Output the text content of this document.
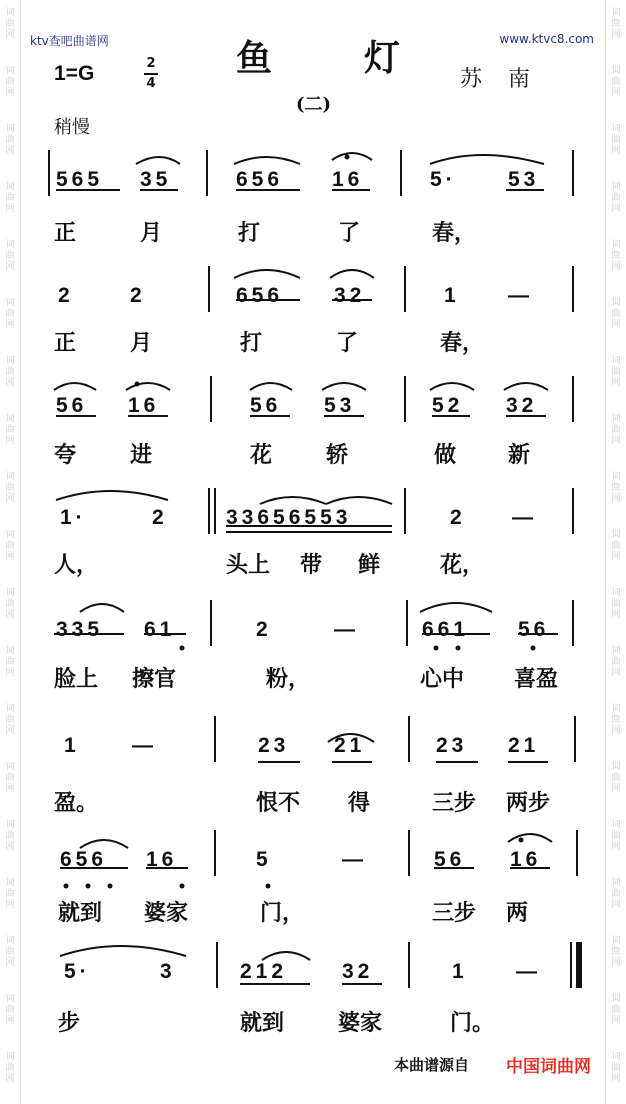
ktv查吧曲谱网	www.ktvc8.com
1=G	2
4
鱼灯
苏南
(二)
稍慢
565 35	656 16	5· 53
正	月	打	了	春，
2	2	656 32	1 —
正 月	打	了	春，
56 16	56 53	52 32
夸 进	花 轿	做 新
1·	2	33656553	2 —
人，	头上 带 鲜	花，
335 61	2	—	661 56
脸上 擦官	粉，	心中 喜盈
1 —	23 21	23 21
盈。	恨不 得	三步 两步
656 16	5	—	56 16
就到 婆家	门，	三步 两
5·	3	212	32	1 —
步	就到 婆家	门。
本曲谱源自 中国词曲网
词曲网
词曲网
词曲网
词曲网
词曲网
词曲网
词曲网
词曲网
词曲网
词曲网
词曲网
词曲网
词曲网
词曲网
词曲网
词曲网
词曲网
词曲网
词曲网
词曲网
词曲网
词曲网
词曲网
词曲网
词曲网
词曲网
词曲网
词曲网
词曲网
词曲网
词曲网
词曲网
词曲网
词曲网
词曲网
词曲网
词曲网
词曲网
